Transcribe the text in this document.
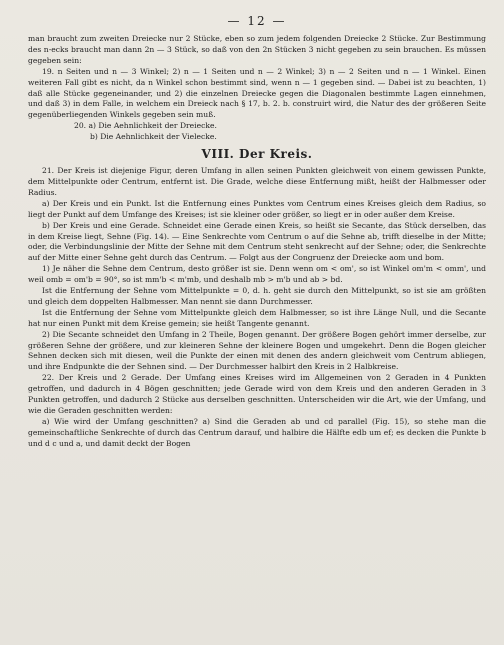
— 12 —

man braucht zum zweiten Dreiecke nur 2 Stücke, eben so zum jedem folgenden Dreiecke 2 Stücke. Zur Bestimmung des n-ecks braucht man dann 2n — 3 Stück, so daß von den 2n Stücken 3 nicht gegeben zu sein brauchen. Es müssen gegeben sein:

19. n Seiten und n — 3 Winkel; 2) n — 1 Seiten und n — 2 Winkel; 3) n — 2 Seiten und n — 1 Winkel. Einen weiteren Fall gibt es nicht, da n Winkel schon bestimmt sind, wenn n — 1 gegeben sind. — Dabei ist zu beachten, 1) daß alle Stücke gegeneinander, und 2) die einzelnen Dreiecke gegen die Diagonalen bestimmte Lagen einnehmen, und daß 3) in dem Falle, in welchem ein Dreieck nach § 17, b. 2. b. construirt wird, die Natur des der größeren Seite gegenüberliegenden Winkels gegeben sein muß.

20. a) Die Aehnlichkeit der Dreiecke.

b) Die Aehnlichkeit der Vielecke.

VIII. Der Kreis.

21. Der Kreis ist diejenige Figur, deren Umfang in allen seinen Punkten gleichweit von einem gewissen Punkte, dem Mittelpunkte oder Centrum, entfernt ist. Die Grade, welche diese Entfernung mißt, heißt der Halbmesser oder Radius.

a) Der Kreis und ein Punkt. Ist die Entfernung eines Punktes vom Centrum eines Kreises gleich dem Radius, so liegt der Punkt auf dem Umfange des Kreises; ist sie kleiner oder größer, so liegt er in oder außer dem Kreise.

b) Der Kreis und eine Gerade. Schneidet eine Gerade einen Kreis, so heißt sie Secante, das Stück derselben, das in dem Kreise liegt, Sehne (Fig. 14). — Eine Senkrechte vom Centrum o auf die Sehne ab, trifft dieselbe in der Mitte; oder, die Verbindungslinie der Mitte der Sehne mit dem Centrum steht senkrecht auf der Sehne; oder, die Senkrechte auf der Mitte einer Sehne geht durch das Centrum. — Folgt aus der Congruenz der Dreiecke aom und bom.

1) Je näher die Sehne dem Centrum, desto größer ist sie. Denn wenn om < om', so ist Winkel om'm < omm', und weil omb = om'b = 90°, so ist mm'b < m'mb, und deshalb mb > m'b und ab > bd.

Ist die Entfernung der Sehne vom Mittelpunkte = 0, d. h. geht sie durch den Mittelpunkt, so ist sie am größten und gleich dem doppelten Halbmesser. Man nennt sie dann Durchmesser.

Ist die Entfernung der Sehne vom Mittelpunkte gleich dem Halbmesser, so ist ihre Länge Null, und die Secante hat nur einen Punkt mit dem Kreise gemein; sie heißt Tangente genannt.

2) Die Secante schneidet den Umfang in 2 Theile, Bogen genannt. Der größere Bogen gehört immer derselbe, zur größeren Sehne der größere, und zur kleineren Sehne der kleinere Bogen und umgekehrt. Denn die Bogen gleicher Sehnen decken sich mit diesen, weil die Punkte der einen mit denen des andern gleichweit vom Centrum abliegen, und ihre Endpunkte die der Sehnen sind. — Der Durchmesser halbirt den Kreis in 2 Halbkreise.

22. Der Kreis und 2 Gerade. Der Umfang eines Kreises wird im Allgemeinen von 2 Geraden in 4 Punkten getroffen, und dadurch in 4 Bögen geschnitten; jede Gerade wird von dem Kreis und den anderen Geraden in 3 Punkten getroffen, und dadurch 2 Stücke aus derselben geschnitten. Unterscheiden wir die Art, wie der Umfang, und wie die Geraden geschnitten werden:

a) Wie wird der Umfang geschnitten? a) Sind die Geraden ab und cd parallel (Fig. 15), so stehe man die gemeinschaftliche Senkrechte of durch das Centrum darauf, und halbire die Hälfte edb um ef; es decken die Punkte b und d c und a, und damit deckt der Bogen
